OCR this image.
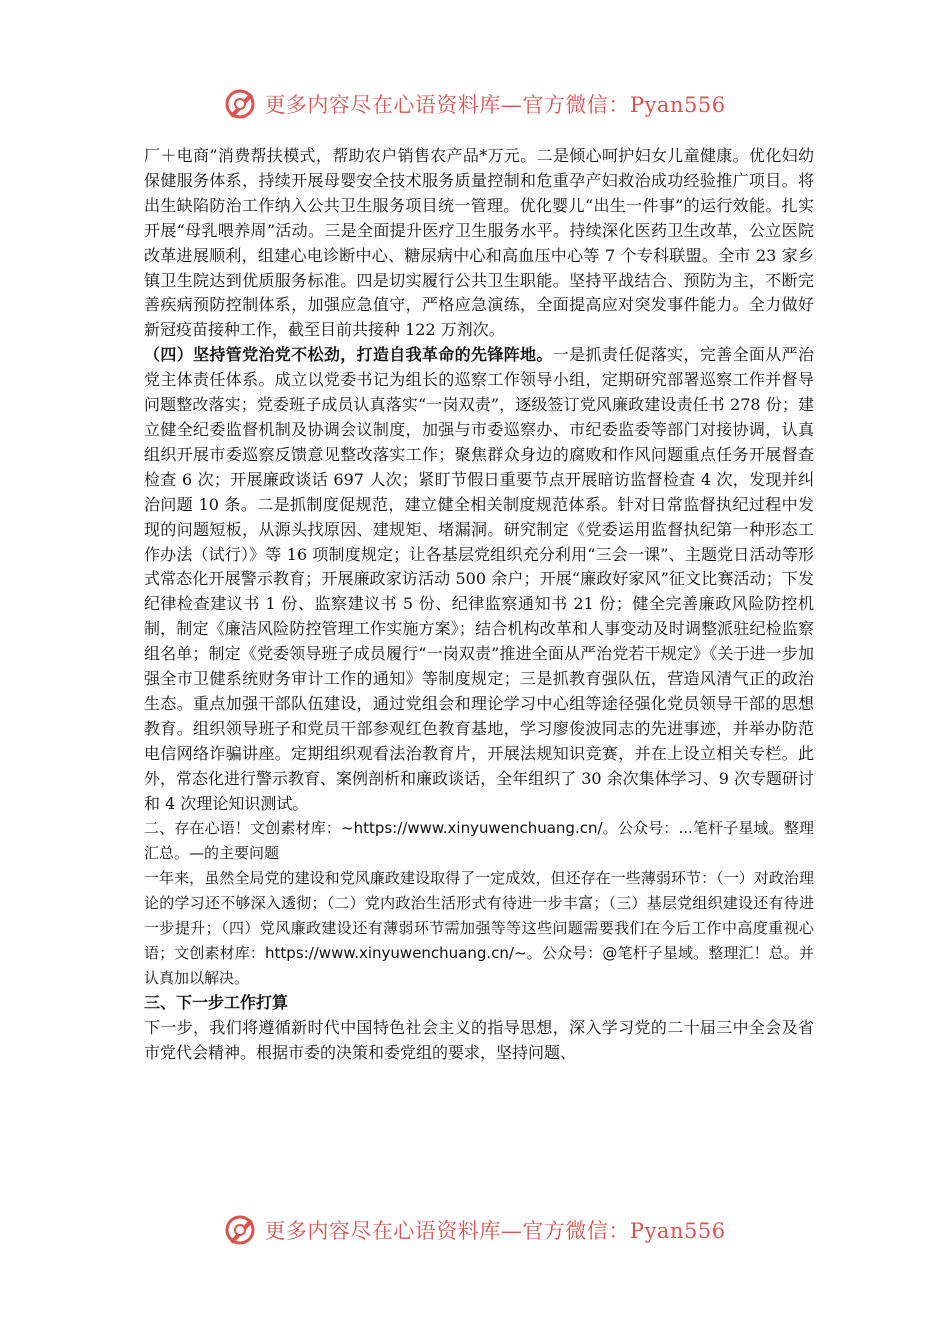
更多内容尽在心语资料库—官方微信：Pyan556

厂＋电商”消费帮扶模式，帮助农户销售农产品*万元。二是倾心呵护妇女儿童健康。优化妇幼保健服务体系，持续开展母婴安全技术服务质量控制和危重孕产妇救治成功经验推广项目。将出生缺陷防治工作纳入公共卫生服务项目统一管理。优化婴儿“出生一件事”的运行效能。扎实开展“母乳喂养周”活动。三是全面提升医疗卫生服务水平。持续深化医药卫生改革，公立医院改革进展顺利，组建心电诊断中心、糖尿病中心和高血压中心等 7 个专科联盟。全市 23 家乡镇卫生院达到优质服务标准。四是切实履行公共卫生职能。坚持平战结合、预防为主，不断完善疾病预防控制体系，加强应急值守，严格应急演练，全面提高应对突发事件能力。全力做好新冠疫苗接种工作，截至目前共接种 122 万剂次。

（四）坚持管党治党不松劲，打造自我革命的先锋阵地。一是抓责任促落实，完善全面从严治党主体责任体系。成立以党委书记为组长的巡察工作领导小组，定期研究部署巡察工作并督导问题整改落实；党委班子成员认真落实“一岗双责”，逐级签订党风廉政建设责任书 278 份；建立健全纪委监督机制及协调会议制度，加强与市委巡察办、市纪委监委等部门对接协调，认真组织开展市委巡察反馈意见整改落实工作；聚焦群众身边的腐败和作风问题重点任务开展督查检查 6 次；开展廉政谈话 697 人次；紧盯节假日重要节点开展暗访监督检查 4 次，发现并纠治问题 10 条。二是抓制度促规范，建立健全相关制度规范体系。针对日常监督执纪过程中发现的问题短板，从源头找原因、建规矩、堵漏洞。研究制定《党委运用监督执纪第一种形态工作办法（试行）》等 16 项制度规定；让各基层党组织充分利用“三会一课”、主题党日活动等形式常态化开展警示教育；开展廉政家访活动 500 余户；开展“廉政好家风”征文比赛活动；下发纪律检查建议书 1 份、监察建议书 5 份、纪律监察通知书 21 份；健全完善廉政风险防控机制，制定《廉洁风险防控管理工作实施方案》；结合机构改革和人事变动及时调整派驻纪检监察组名单；制定《党委领导班子成员履行“一岗双责”推进全面从严治党若干规定》《关于进一步加强全市卫健系统财务审计工作的通知》等制度规定；三是抓教育强队伍，营造风清气正的政治生态。重点加强干部队伍建设，通过党组会和理论学习中心组等途径强化党员领导干部的思想教育。组织领导班子和党员干部参观红色教育基地，学习廖俊波同志的先进事迹，并举办防范电信网络诈骗讲座。定期组织观看法治教育片，开展法规知识竞赛，并在上设立相关专栏。此外，常态化进行警示教育、案例剖析和廉政谈话，全年组织了 30 余次集体学习、9 次专题研讨和 4 次理论知识测试。

二、存在心语！文创素材库：~https://www.xinyuwenchuang.cn/。公众号：...笔杆子星域。整理汇总。—的主要问题

一年来，虽然全局党的建设和党风廉政建设取得了一定成效，但还存在一些薄弱环节：（一）对政治理论的学习还不够深入透彻；（二）党内政治生活形式有待进一步丰富；（三）基层党组织建设还有待进一步提升；（四）党风廉政建设还有薄弱环节需加强等等这些问题需要我们在今后工作中高度重视心语；文创素材库：https://www.xinyuwenchuang.cn/~。公众号：@笔杆子星域。整理汇！总。并认真加以解决。

三、下一步工作打算

下一步，我们将遵循新时代中国特色社会主义的指导思想，深入学习党的二十届三中全会及省市党代会精神。根据市委的决策和委党组的要求，坚持问题、

更多内容尽在心语资料库—官方微信：Pyan556
